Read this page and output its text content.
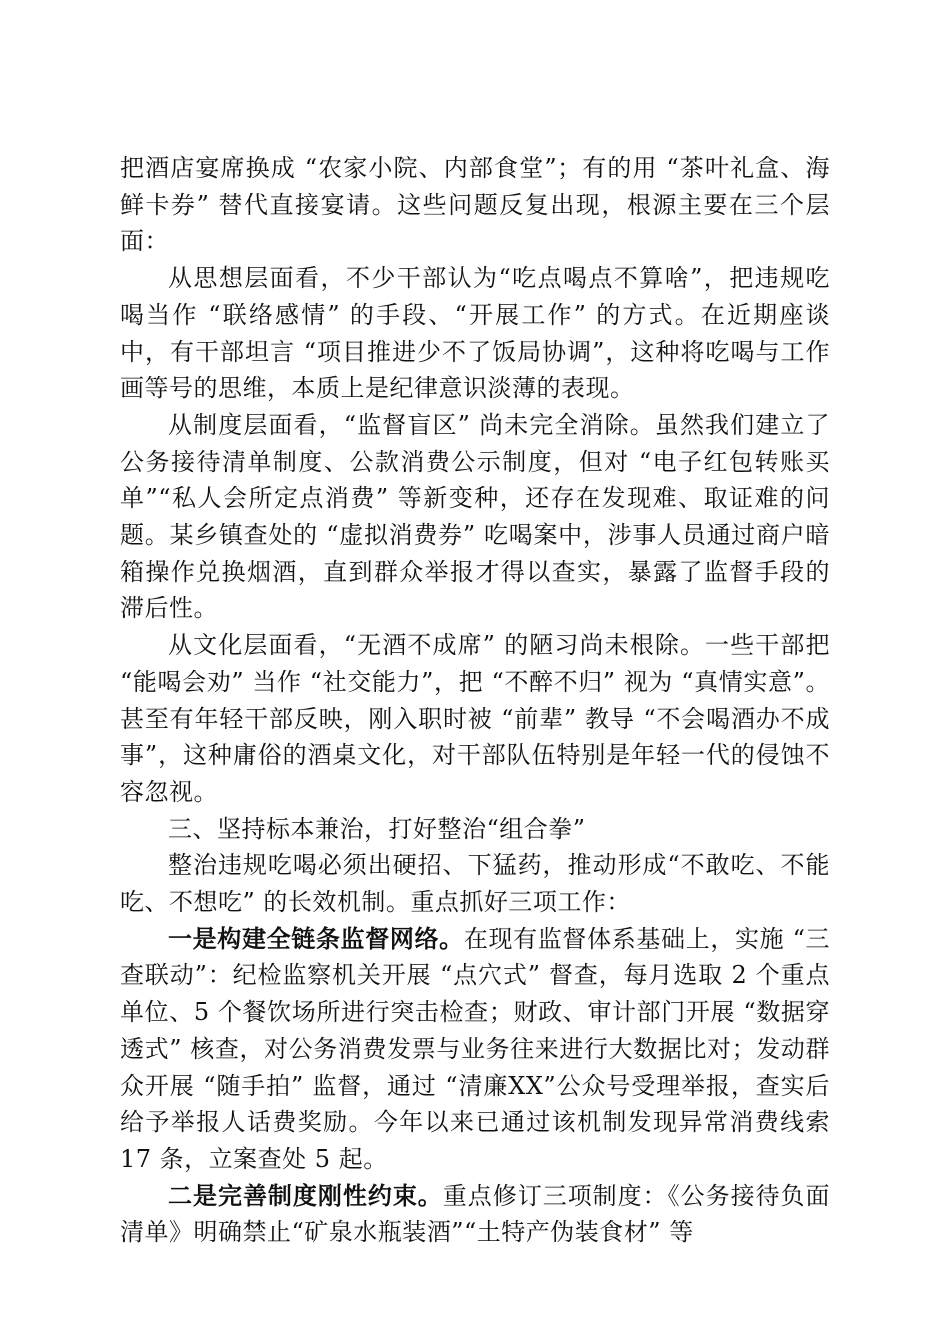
把酒店宴席换成 “农家小院、内部食堂”；有的用 “茶叶礼盒、海鲜卡券” 替代直接宴请。这些问题反复出现，根源主要在三个层面：

从思想层面看，不少干部认为“吃点喝点不算啥”，把违规吃喝当作 “联络感情” 的手段、“开展工作” 的方式。在近期座谈中，有干部坦言 “项目推进少不了饭局协调”，这种将吃喝与工作画等号的思维，本质上是纪律意识淡薄的表现。

从制度层面看，“监督盲区” 尚未完全消除。虽然我们建立了公务接待清单制度、公款消费公示制度，但对 “电子红包转账买单”“私人会所定点消费” 等新变种，还存在发现难、取证难的问题。某乡镇查处的 “虚拟消费券” 吃喝案中，涉事人员通过商户暗箱操作兑换烟酒，直到群众举报才得以查实，暴露了监督手段的滞后性。

从文化层面看，“无酒不成席” 的陋习尚未根除。一些干部把 “能喝会劝” 当作 “社交能力”，把 “不醉不归” 视为 “真情实意”。甚至有年轻干部反映，刚入职时被 “前辈” 教导 “不会喝酒办不成事”，这种庸俗的酒桌文化，对干部队伍特别是年轻一代的侵蚀不容忽视。

三、坚持标本兼治，打好整治“组合拳”

整治违规吃喝必须出硬招、下猛药，推动形成“不敢吃、不能吃、不想吃” 的长效机制。重点抓好三项工作：

一是构建全链条监督网络。在现有监督体系基础上，实施 “三查联动”：纪检监察机关开展 “点穴式” 督查，每月选取 2 个重点单位、5 个餐饮场所进行突击检查；财政、审计部门开展 “数据穿透式” 核查，对公务消费发票与业务往来进行大数据比对；发动群众开展 “随手拍” 监督，通过 “清廉XX”公众号受理举报，查实后给予举报人话费奖励。今年以来已通过该机制发现异常消费线索 17 条，立案查处 5 起。

二是完善制度刚性约束。重点修订三项制度：《公务接待负面清单》明确禁止“矿泉水瓶装酒”“土特产伪装食材” 等
